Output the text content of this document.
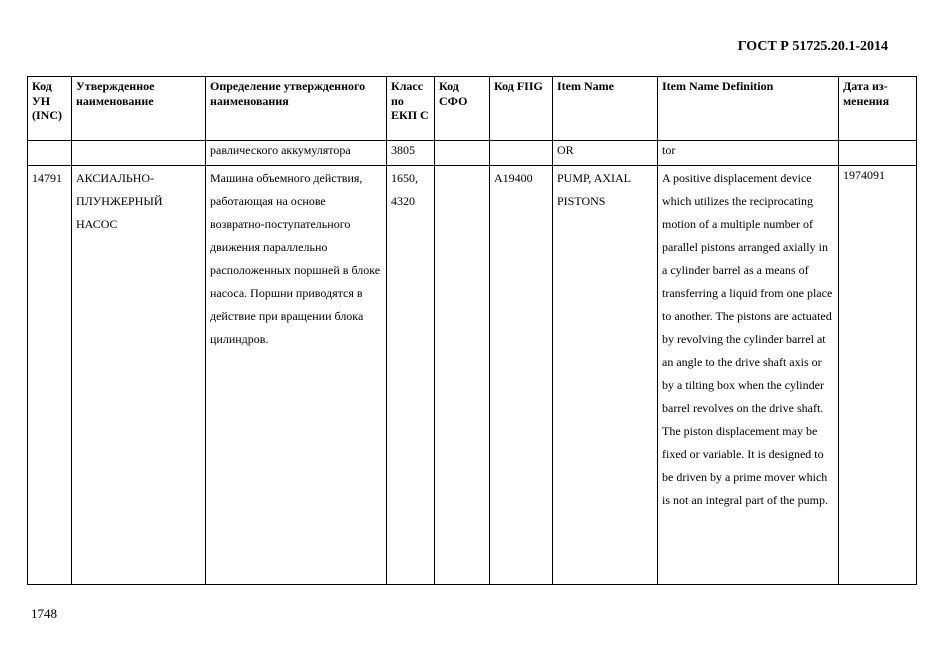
ГОСТ Р 51725.20.1-2014
Код УН (INC)	Утвержденное наименование	Определение утвержденного наименования	Класс по ЕКП С	Код СФО	Код FIIG	Item Name	Item Name Definition	Дата из-менения
		равлического аккумулятора	3805			OR	tor	
14791	АКСИАЛЬНО-ПЛУНЖЕРНЫЙ НАСОС	Машина объемного действия, работающая на основе возвратно-поступательного движения параллельно расположенных поршней в блоке насоса. Поршни приводятся в действие при вращении блока цилиндров.	1650, 4320		A19400	PUMP, AXIAL PISTONS	A positive displacement device which utilizes the reciprocating motion of a multiple number of parallel pistons arranged axially in a cylinder barrel as a means of transferring a liquid from one place to another. The pistons are actuated by revolving the cylinder barrel at an angle to the drive shaft axis or by a tilting box when the cylinder barrel revolves on the drive shaft. The piston displacement may be fixed or variable. It is designed to be driven by a prime mover which is not an integral part of the pump.	1974091
1748
